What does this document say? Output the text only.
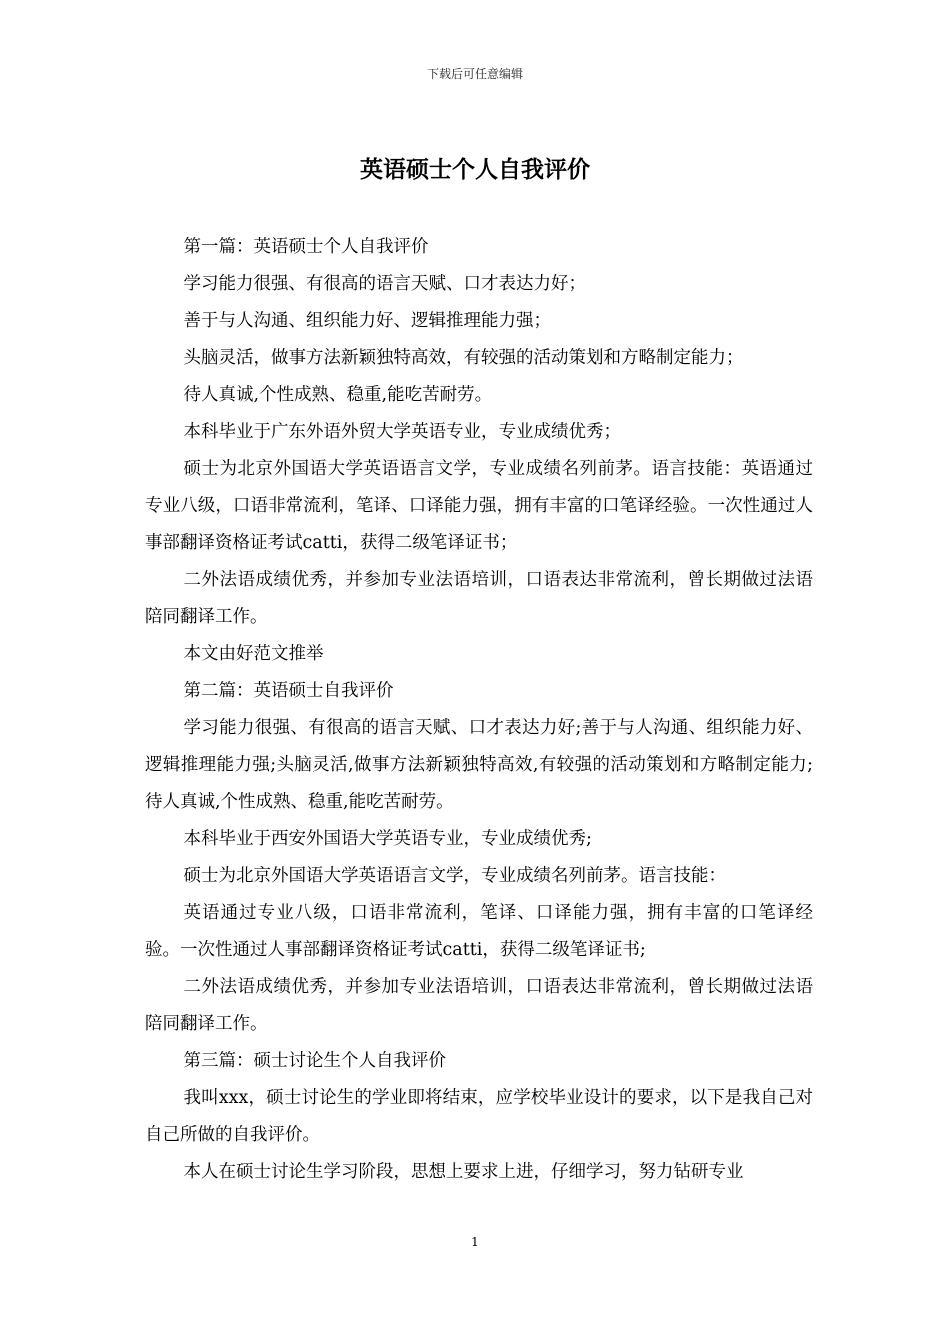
下载后可任意编辑
英语硕士个人自我评价

第一篇：英语硕士个人自我评价

学习能力很强、有很高的语言天赋、口才表达力好；

善于与人沟通、组织能力好、逻辑推理能力强；

头脑灵活，做事方法新颖独特高效，有较强的活动策划和方略制定能力；

待人真诚,个性成熟、稳重,能吃苦耐劳。

本科毕业于广东外语外贸大学英语专业，专业成绩优秀；

硕士为北京外国语大学英语语言文学，专业成绩名列前茅。语言技能：英语通过专业八级，口语非常流利，笔译、口译能力强，拥有丰富的口笔译经验。一次性通过人事部翻译资格证考试catti，获得二级笔译证书；

二外法语成绩优秀，并参加专业法语培训，口语表达非常流利，曾长期做过法语陪同翻译工作。

本文由好范文推举

第二篇：英语硕士自我评价

学习能力很强、有很高的语言天赋、口才表达力好;善于与人沟通、组织能力好、逻辑推理能力强;头脑灵活,做事方法新颖独特高效,有较强的活动策划和方略制定能力;待人真诚,个性成熟、稳重,能吃苦耐劳。

本科毕业于西安外国语大学英语专业，专业成绩优秀;

硕士为北京外国语大学英语语言文学，专业成绩名列前茅。语言技能：

英语通过专业八级，口语非常流利，笔译、口译能力强，拥有丰富的口笔译经验。一次性通过人事部翻译资格证考试catti，获得二级笔译证书;

二外法语成绩优秀，并参加专业法语培训，口语表达非常流利，曾长期做过法语陪同翻译工作。

第三篇：硕士讨论生个人自我评价

我叫xxx，硕士讨论生的学业即将结束，应学校毕业设计的要求，以下是我自己对自己所做的自我评价。

本人在硕士讨论生学习阶段，思想上要求上进，仔细学习，努力钻研专业

1
